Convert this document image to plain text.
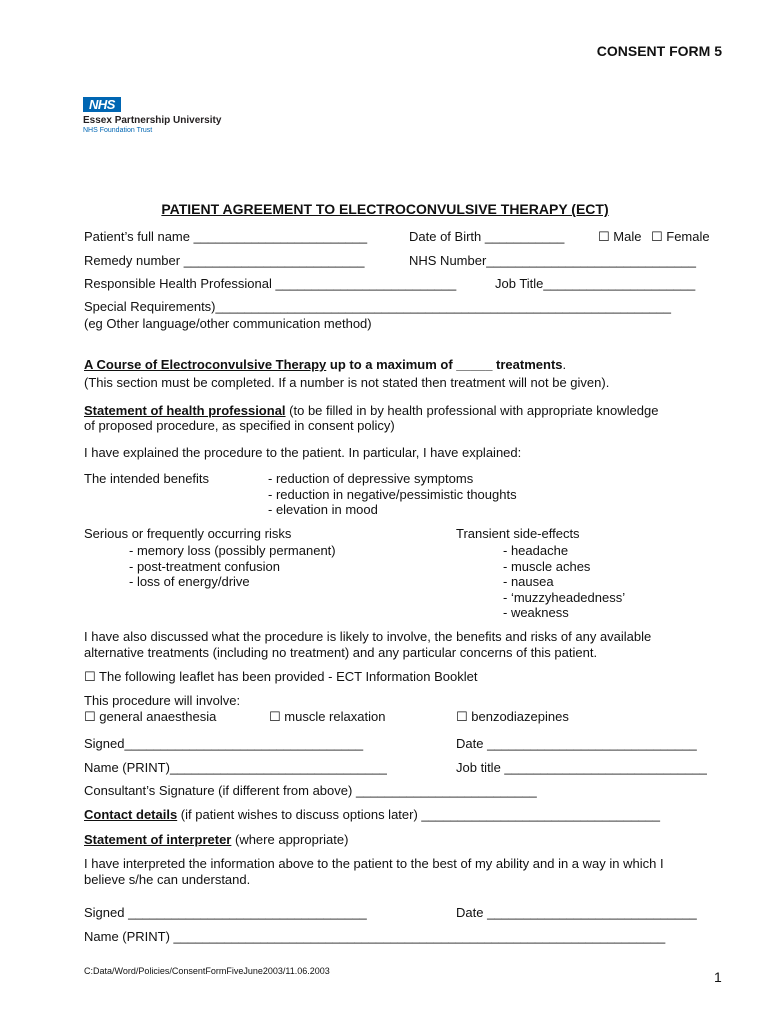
CONSENT FORM 5
NHS
Essex Partnership University
NHS Foundation Trust
PATIENT AGREEMENT TO ELECTROCONVULSIVE THERAPY (ECT)
Patient’s full name ________________________	Date of Birth ___________	☐ Male ☐ Female
Remedy number _________________________	NHS Number_____________________________
Responsible Health Professional _________________________	Job Title_____________________
Special Requirements)_______________________________________________________________
(eg Other language/other communication method)
A Course of Electroconvulsive Therapy up to a maximum of _____ treatments.
(This section must be completed. If a number is not stated then treatment will not be given).
Statement of health professional (to be filled in by health professional with appropriate knowledge
of proposed procedure, as specified in consent policy)
I have explained the procedure to the patient. In particular, I have explained:
The intended benefits	- reduction of depressive symptoms
- reduction in negative/pessimistic thoughts
- elevation in mood
Serious or frequently occurring risks
- memory loss (possibly permanent)
- post-treatment confusion
- loss of energy/drive
Transient side-effects
- headache
- muscle aches
- nausea
- ‘muzzyheadedness’
- weakness
I have also discussed what the procedure is likely to involve, the benefits and risks of any available
alternative treatments (including no treatment) and any particular concerns of this patient.
☐ The following leaflet has been provided - ECT Information Booklet
This procedure will involve:
☐ general anaesthesia	☐ muscle relaxation	☐ benzodiazepines
Signed_________________________________	Date _____________________________
Name (PRINT)______________________________	Job title ____________________________
Consultant’s Signature (if different from above) _________________________
Contact details (if patient wishes to discuss options later) _________________________________
Statement of interpreter (where appropriate)
I have interpreted the information above to the patient to the best of my ability and in a way in which I
believe s/he can understand.
Signed _________________________________	Date _____________________________
Name (PRINT) ____________________________________________________________________
C:Data/Word/Policies/ConsentFormFiveJune2003/11.06.2003	1
